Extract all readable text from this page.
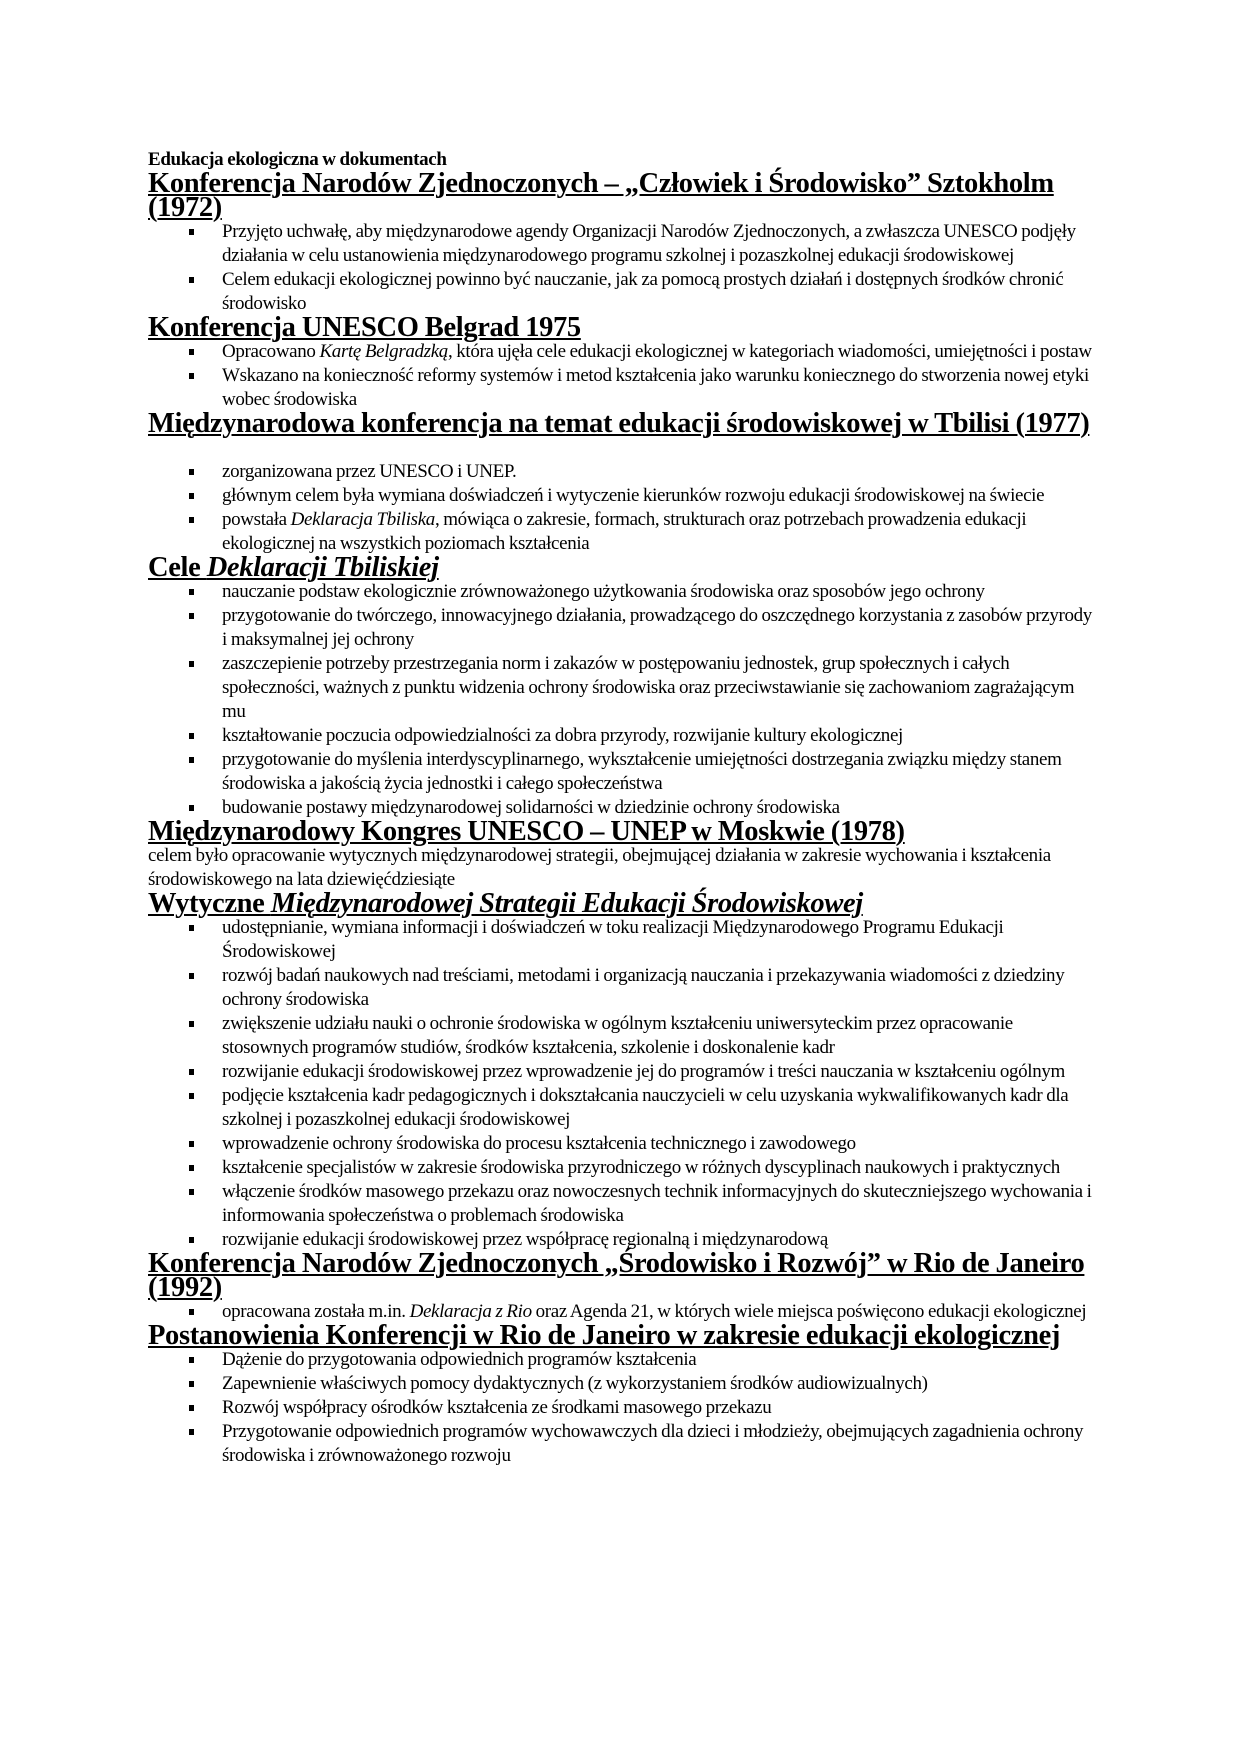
Edukacja ekologiczna w dokumentach

Konferencja Narodów Zjednoczonych – „Człowiek i Środowisko” Sztokholm (1972)
Przyjęto uchwałę, aby międzynarodowe agendy Organizacji Narodów Zjednoczonych, a zwłaszcza UNESCO podjęły działania w celu ustanowienia międzynarodowego programu szkolnej i pozaszkolnej edukacji środowiskowej
Celem edukacji ekologicznej powinno być nauczanie, jak za pomocą prostych działań i dostępnych środków chronić środowisko
Konferencja UNESCO Belgrad 1975
Opracowano Kartę Belgradzką, która ujęła cele edukacji ekologicznej w kategoriach wiadomości, umiejętności i postaw
Wskazano na konieczność reformy systemów i metod kształcenia jako warunku koniecznego do stworzenia nowej etyki wobec środowiska
Międzynarodowa konferencja na temat edukacji środowiskowej w Tbilisi (1977)
zorganizowana przez UNESCO i UNEP.
głównym celem była wymiana doświadczeń i wytyczenie kierunków rozwoju edukacji środowiskowej na świecie
powstała Deklaracja Tbiliska, mówiąca o zakresie, formach, strukturach oraz potrzebach prowadzenia edukacji ekologicznej na wszystkich poziomach kształcenia
Cele Deklaracji Tbiliskiej
nauczanie podstaw ekologicznie zrównoważonego użytkowania środowiska oraz sposobów jego ochrony
przygotowanie do twórczego, innowacyjnego działania, prowadzącego do oszczędnego korzystania z zasobów przyrody i maksymalnej jej ochrony
zaszczepienie potrzeby przestrzegania norm i zakazów w postępowaniu jednostek, grup społecznych i całych społeczności, ważnych z punktu widzenia ochrony środowiska oraz przeciwstawianie się zachowaniom zagrażającym mu
kształtowanie poczucia odpowiedzialności za dobra przyrody, rozwijanie kultury ekologicznej
przygotowanie do myślenia interdyscyplinarnego, wykształcenie umiejętności dostrzegania związku między stanem środowiska a jakością życia jednostki i całego społeczeństwa
budowanie postawy międzynarodowej solidarności w dziedzinie ochrony środowiska
Międzynarodowy Kongres UNESCO – UNEP w Moskwie (1978)

celem było opracowanie wytycznych międzynarodowej strategii, obejmującej działania w zakresie wychowania i kształcenia środowiskowego na lata dziewięćdziesiąte

Wytyczne Międzynarodowej Strategii Edukacji Środowiskowej
udostępnianie, wymiana informacji i doświadczeń w toku realizacji Międzynarodowego Programu Edukacji Środowiskowej
rozwój badań naukowych nad treściami, metodami i organizacją nauczania i przekazywania wiadomości z dziedziny ochrony środowiska
zwiększenie udziału nauki o ochronie środowiska w ogólnym kształceniu uniwersyteckim przez opracowanie stosownych programów studiów, środków kształcenia, szkolenie i doskonalenie kadr
rozwijanie edukacji środowiskowej przez wprowadzenie jej do programów i treści nauczania w kształceniu ogólnym
podjęcie kształcenia kadr pedagogicznych i dokształcania nauczycieli w celu uzyskania wykwalifikowanych kadr dla szkolnej i pozaszkolnej edukacji środowiskowej
wprowadzenie ochrony środowiska do procesu kształcenia technicznego i zawodowego
kształcenie specjalistów w zakresie środowiska przyrodniczego w różnych dyscyplinach naukowych i praktycznych
włączenie środków masowego przekazu oraz nowoczesnych technik informacyjnych do skuteczniejszego wychowania i informowania społeczeństwa o problemach środowiska
rozwijanie edukacji środowiskowej przez współpracę regionalną i międzynarodową
Konferencja Narodów Zjednoczonych „Środowisko i Rozwój” w Rio de Janeiro (1992)
opracowana została m.in. Deklaracja z Rio oraz Agenda 21, w których wiele miejsca poświęcono edukacji ekologicznej
Postanowienia Konferencji w Rio de Janeiro w zakresie edukacji ekologicznej
Dążenie do przygotowania odpowiednich programów kształcenia
Zapewnienie właściwych pomocy dydaktycznych (z wykorzystaniem środków audiowizualnych)
Rozwój współpracy ośrodków kształcenia ze środkami masowego przekazu
Przygotowanie odpowiednich programów wychowawczych dla dzieci i młodzieży, obejmujących zagadnienia ochrony środowiska i zrównoważonego rozwoju
